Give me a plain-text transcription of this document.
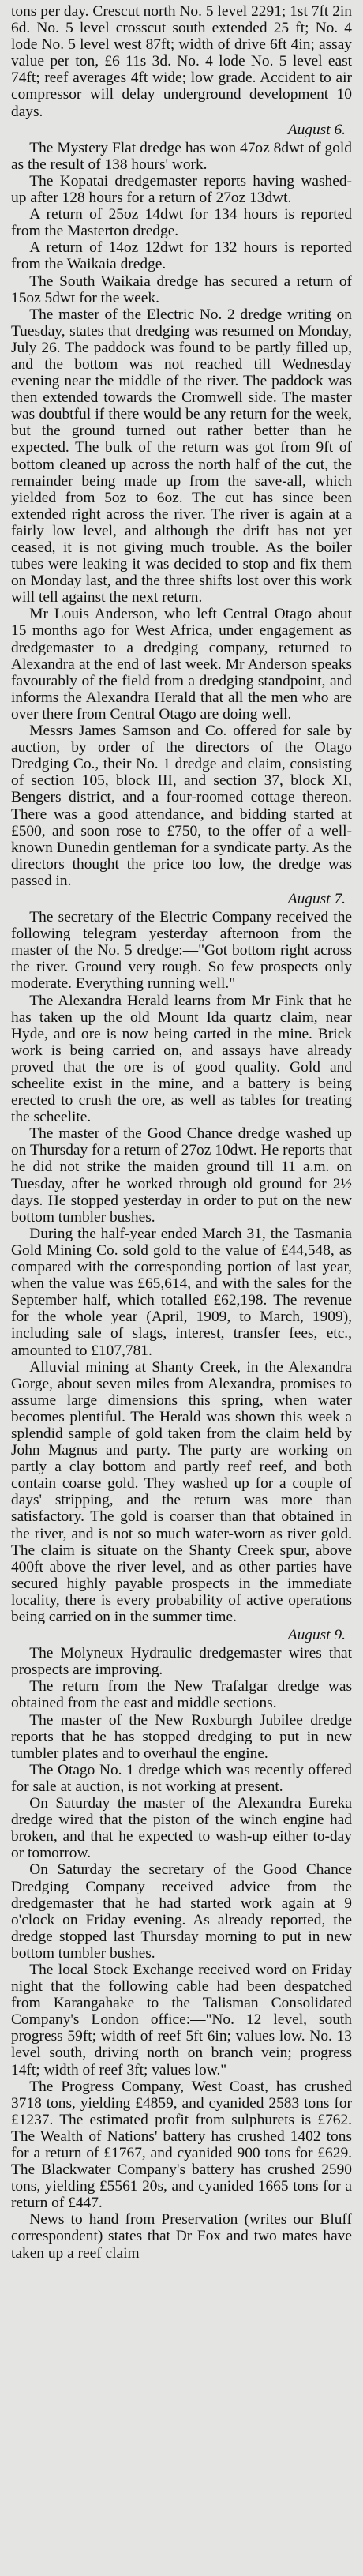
tons per day. Crescut north No. 5 level 2291; 1st 7ft 2in 6d. No. 5 level crosscut south extended 25 ft; No. 4 lode No. 5 level west 87ft; width of drive 6ft 4in; assay value per ton, £6 11s 3d. No. 4 lode No. 5 level east 74ft; reef averages 4ft wide; low grade. Accident to air compressor will delay underground development 10 days.

August 6.

The Mystery Flat dredge has won 47oz 8dwt of gold as the result of 138 hours' work.

The Kopatai dredgemaster reports having washed-up after 128 hours for a return of 27oz 13dwt.

A return of 25oz 14dwt for 134 hours is reported from the Masterton dredge.

A return of 14oz 12dwt for 132 hours is reported from the Waikaia dredge.

The South Waikaia dredge has secured a return of 15oz 5dwt for the week.

The master of the Electric No. 2 dredge writing on Tuesday, states that dredging was resumed on Monday, July 26. The paddock was found to be partly filled up, and the bottom was not reached till Wednesday evening near the middle of the river. The paddock was then extended towards the Cromwell side. The master was doubtful if there would be any return for the week, but the ground turned out rather better than he expected. The bulk of the return was got from 9ft of bottom cleaned up across the north half of the cut, the remainder being made up from the save-all, which yielded from 5oz to 6oz. The cut has since been extended right across the river. The river is again at a fairly low level, and although the drift has not yet ceased, it is not giving much trouble. As the boiler tubes were leaking it was decided to stop and fix them on Monday last, and the three shifts lost over this work will tell against the next return.

Mr Louis Anderson, who left Central Otago about 15 months ago for West Africa, under engagement as dredgemaster to a dredging company, returned to Alexandra at the end of last week. Mr Anderson speaks favourably of the field from a dredging standpoint, and informs the Alexandra Herald that all the men who are over there from Central Otago are doing well.

Messrs James Samson and Co. offered for sale by auction, by order of the directors of the Otago Dredging Co., their No. 1 dredge and claim, consisting of section 105, block III, and section 37, block XI, Bengers district, and a four-roomed cottage thereon. There was a good attendance, and bidding started at £500, and soon rose to £750, to the offer of a well-known Dunedin gentleman for a syndicate party. As the directors thought the price too low, the dredge was passed in.

August 7.

The secretary of the Electric Company received the following telegram yesterday afternoon from the master of the No. 5 dredge:—"Got bottom right across the river. Ground very rough. So few prospects only moderate. Everything running well."

The Alexandra Herald learns from Mr Fink that he has taken up the old Mount Ida quartz claim, near Hyde, and ore is now being carted in the mine. Brick work is being carried on, and assays have already proved that the ore is of good quality. Gold and scheelite exist in the mine, and a battery is being erected to crush the ore, as well as tables for treating the scheelite.

The master of the Good Chance dredge washed up on Thursday for a return of 27oz 10dwt. He reports that he did not strike the maiden ground till 11 a.m. on Tuesday, after he worked through old ground for 2½ days. He stopped yesterday in order to put on the new bottom tumbler bushes.

During the half-year ended March 31, the Tasmania Gold Mining Co. sold gold to the value of £44,548, as compared with the corresponding portion of last year, when the value was £65,614, and with the sales for the September half, which totalled £62,198. The revenue for the whole year (April, 1909, to March, 1909), including sale of slags, interest, transfer fees, etc., amounted to £107,781.

Alluvial mining at Shanty Creek, in the Alexandra Gorge, about seven miles from Alexandra, promises to assume large dimensions this spring, when water becomes plentiful. The Herald was shown this week a splendid sample of gold taken from the claim held by John Magnus and party. The party are working on partly a clay bottom and partly reef reef, and both contain coarse gold. They washed up for a couple of days' stripping, and the return was more than satisfactory. The gold is coarser than that obtained in the river, and is not so much water-worn as river gold. The claim is situate on the Shanty Creek spur, above 400ft above the river level, and as other parties have secured highly payable prospects in the immediate locality, there is every probability of active operations being carried on in the summer time.

August 9.

The Molyneux Hydraulic dredgemaster wires that prospects are improving.

The return from the New Trafalgar dredge was obtained from the east and middle sections.

The master of the New Roxburgh Jubilee dredge reports that he has stopped dredging to put in new tumbler plates and to overhaul the engine.

The Otago No. 1 dredge which was recently offered for sale at auction, is not working at present.

On Saturday the master of the Alexandra Eureka dredge wired that the piston of the winch engine had broken, and that he expected to wash-up either to-day or tomorrow.

On Saturday the secretary of the Good Chance Dredging Company received advice from the dredgemaster that he had started work again at 9 o'clock on Friday evening. As already reported, the dredge stopped last Thursday morning to put in new bottom tumbler bushes.

The local Stock Exchange received word on Friday night that the following cable had been despatched from Karangahake to the Talisman Consolidated Company's London office:—"No. 12 level, south progress 59ft; width of reef 5ft 6in; values low. No. 13 level south, driving north on branch vein; progress 14ft; width of reef 3ft; values low."

The Progress Company, West Coast, has crushed 3718 tons, yielding £4859, and cyanided 2583 tons for £1237. The estimated profit from sulphurets is £762. The Wealth of Nations' battery has crushed 1402 tons for a return of £1767, and cyanided 900 tons for £629. The Blackwater Company's battery has crushed 2590 tons, yielding £5561 20s, and cyanided 1665 tons for a return of £447.

News to hand from Preservation (writes our Bluff correspondent) states that Dr Fox and two mates have taken up a reef claim
